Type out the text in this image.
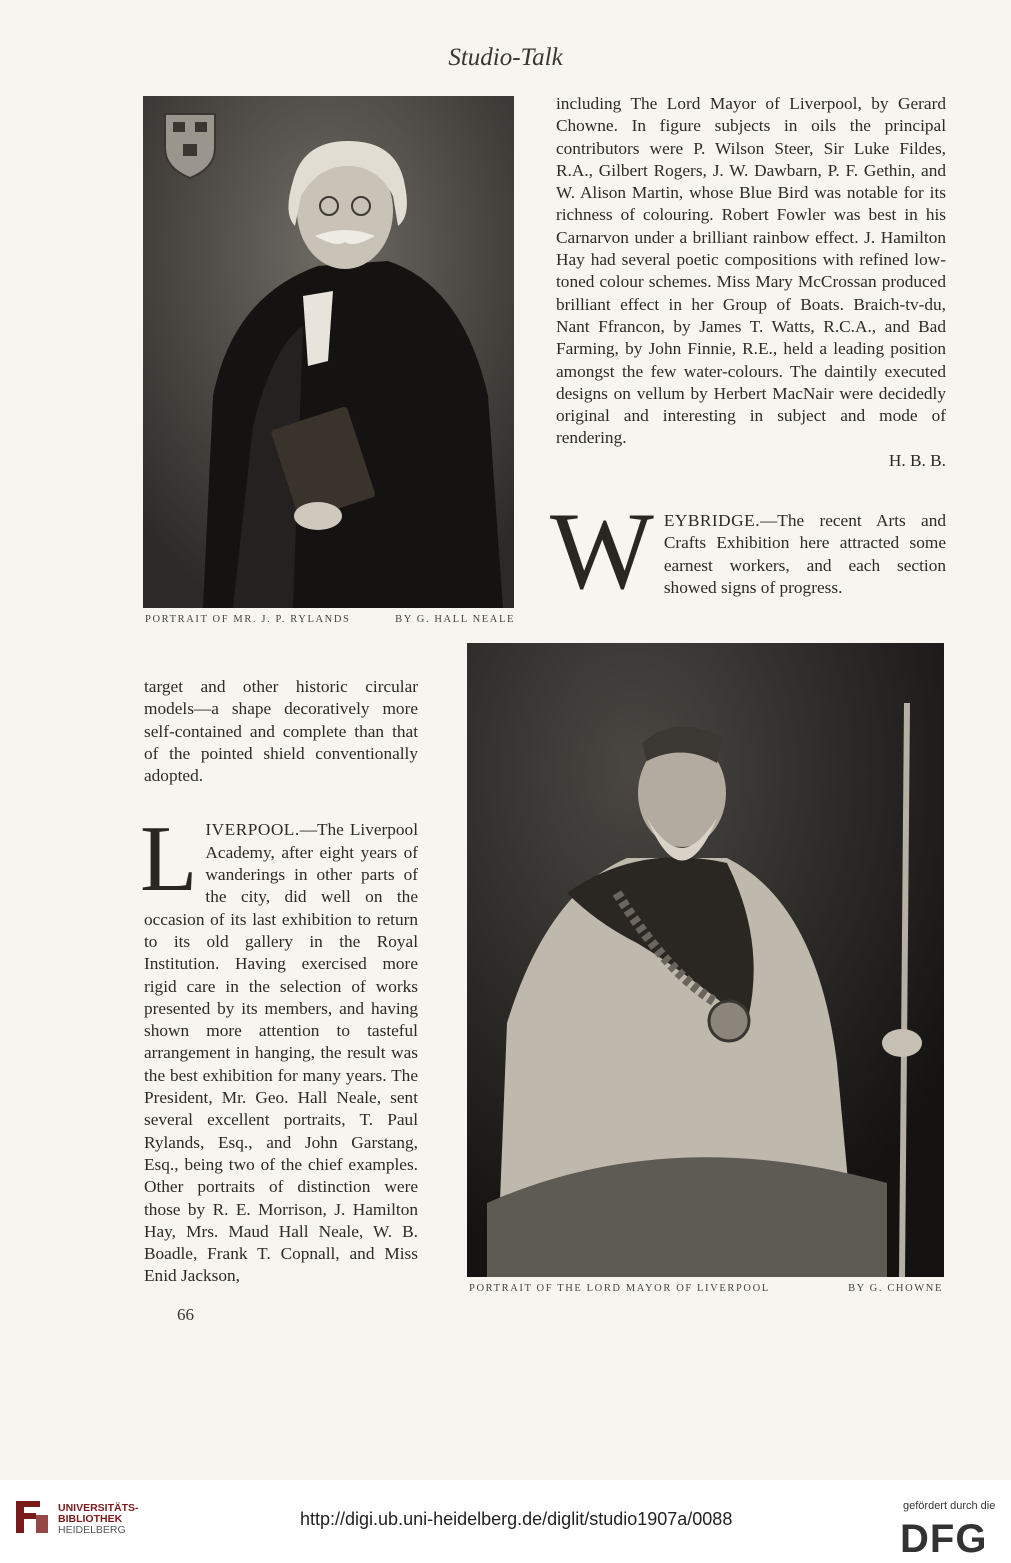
Studio-Talk
PORTRAIT OF MR. J. P. RYLANDS	BY G. HALL NEALE

including The Lord Mayor of Liverpool, by Gerard Chowne. In figure subjects in oils the principal contributors were P. Wilson Steer, Sir Luke Fildes, R.A., Gilbert Rogers, J. W. Dawbarn, P. F. Gethin, and W. Alison Martin, whose Blue Bird was notable for its richness of colouring. Robert Fowler was best in his Carnarvon under a brilliant rainbow effect. J. Hamilton Hay had several poetic compositions with refined low-toned colour schemes. Miss Mary McCrossan produced brilliant effect in her Group of Boats. Braich-tv-du, Nant Ffrancon, by James T. Watts, R.C.A., and Bad Farming, by John Finnie, R.E., held a leading position amongst the few water-colours. The daintily executed designs on vellum by Herbert MacNair were decidedly original and interesting in subject and mode of rendering.
H. B. B.

WEYBRIDGE.—The recent Arts and Crafts Exhibition here attracted some earnest workers, and each section showed signs of progress.

PORTRAIT OF THE LORD MAYOR OF LIVERPOOL	BY G. CHOWNE

target and other historic circular models—a shape decoratively more self-contained and complete than that of the pointed shield conventionally adopted.

LIVERPOOL.—The Liverpool Academy, after eight years of wanderings in other parts of the city, did well on the occasion of its last exhibition to return to its old gallery in the Royal Institution. Having exercised more rigid care in the selection of works presented by its members, and having shown more attention to tasteful arrangement in hanging, the result was the best exhibition for many years. The President, Mr. Geo. Hall Neale, sent several excellent portraits, T. Paul Rylands, Esq., and John Garstang, Esq., being two of the chief examples. Other portraits of distinction were those by R. E. Morrison, J. Hamilton Hay, Mrs. Maud Hall Neale, W. B. Boadle, Frank T. Copnall, and Miss Enid Jackson,

66
UNIVERSITÄTS-
BIBLIOTHEK
HEIDELBERG
http://digi.ub.uni-heidelberg.de/diglit/studio1907a/0088
gefördert durch die
DFG
